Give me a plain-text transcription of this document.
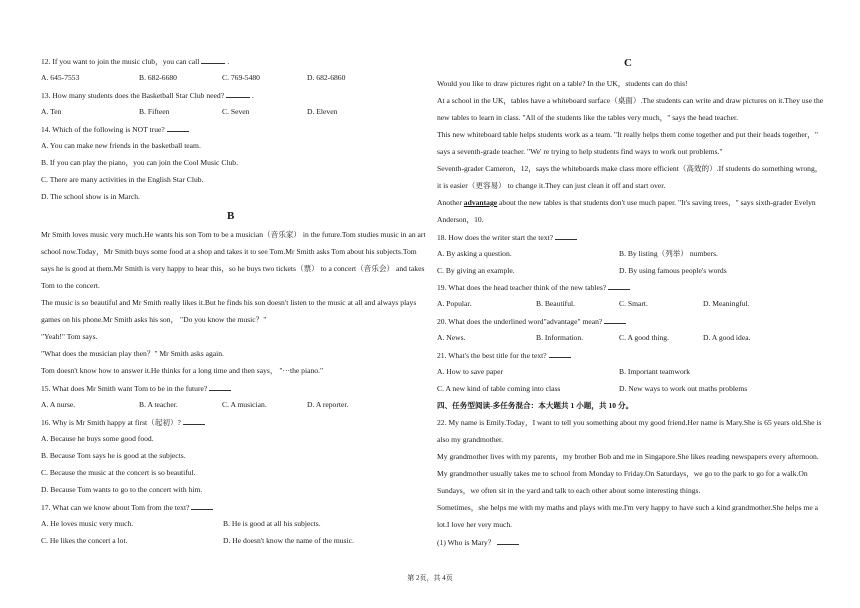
12. If you want to join the music club，you can call	.
A. 645-7553	B. 682-6680	C. 769-5480	D. 682-6860
13. How many students does the Basketball Star Club need?	.
A. Ten	B. Fifteen	C. Seven	D. Eleven
14. Which of the following is NOT true?
A. You can make new friends in the basketball team.
B. If you can play the piano，you can join the Cool Music Club.
C. There are many activities in the English Star Club.
D. The school show is in March.
B
Mr Smith loves music very much.He wants his son Tom to be a musician（音乐家） in the future.Tom studies music in an art
school now.Today，Mr Smith buys some food at a shop and takes it to see Tom.Mr Smith asks Tom about his subjects.Tom
says he is good at them.Mr Smith is very happy to hear this，so he buys two tickets（票） to a concert（音乐会） and takes
Tom to the concert.
The music is so beautiful and Mr Smith really likes it.But he finds his son doesn't listen to the music at all and always plays
games on his phone.Mr Smith asks his son， "Do you know the music？"
"Yeah!" Tom says.
"What does the musician play then？" Mr Smith asks again.
Tom doesn't know how to answer it.He thinks for a long time and then says， "···the piano."
15. What does Mr Smith want Tom to be in the future?
A. A nurse.	B. A teacher.	C. A musician.	D. A reporter.
16. Why is Mr Smith happy at first（起初）?
A. Because he buys some good food.
B. Because Tom says he is good at the subjects.
C. Because the music at the concert is so beautiful.
D. Because Tom wants to go to the concert with him.
17. What can we know about Tom from the text?
A. He loves music very much.	B. He is good at all his subjects.
C. He likes the concert a lot.	D. He doesn't know the name of the music.
C
Would you like to draw pictures right on a table? In the UK，students can do this!
At a school in the UK，tables have a whiteboard surface（桌面）.The students can write and draw pictures on it.They use the
new tables to learn in class. "All of the students like the tables very much，" says the head teacher.
This new whiteboard table helps students work as a team. "It really helps them come together and put their heads together，"
says a seventh-grade teacher. "We' re trying to help students find ways to work out problems."
Seventh-grader Cameron，12，says the whiteboards make class more efficient（高效的）.If students do something wrong，
it is easier（更容易） to change it.They can just clean it off and start over.
Another advantage about the new tables is that students don't use much paper. "It's saving trees，" says sixth-grader Evelyn
Anderson，10.
18. How does the writer start the text?
A. By asking a question.	B. By listing（列举） numbers.
C. By giving an example.	D. By using famous people's words
19. What does the head teacher think of the new tables?
A. Popular.	B. Beautiful.	C. Smart.	D. Meaningful.
20. What does the underlined word"advantage" mean?
A. News.	B. Information.	C. A good thing.	D. A good idea.
21. What's the best title for the text?
A. How to save paper	B. Important teamwork
C. A new kind of table coming into class	D. New ways to work out maths problems
四、任务型阅读-多任务混合：本大题共 1 小题，共 10 分。
22. My name is Emily.Today，I want to tell you something about my good friend.Her name is Mary.She is 65 years old.She is
also my grandmother.
My grandmother lives with my parents，my brother Bob and me in Singapore.She likes reading newspapers every afternoon.
My grandmother usually takes me to school from Monday to Friday.On Saturdays，we go to the park to go for a walk.On
Sundays，we often sit in the yard and talk to each other about some interesting things.
Sometimes，she helps me with my maths and plays with me.I'm very happy to have such a kind grandmother.She helps me a
lot.I love her very much.
(1) Who is Mary？
第 2页，共 4页
